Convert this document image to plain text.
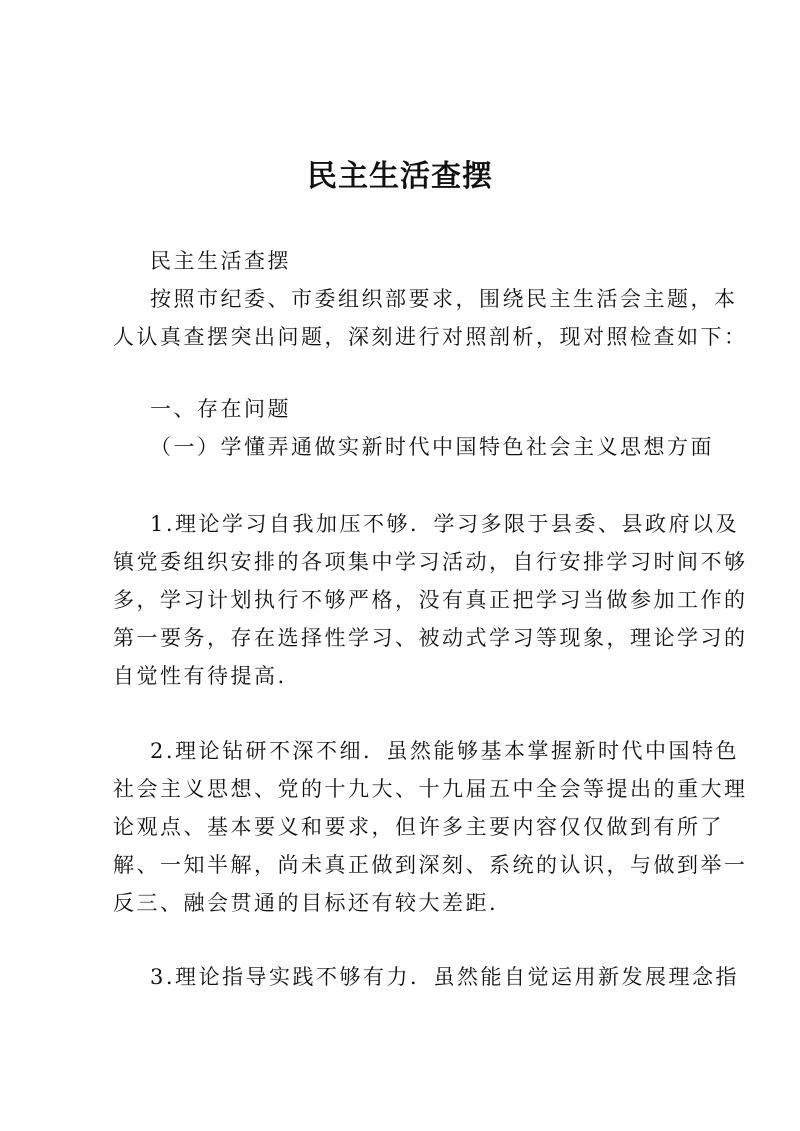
民主生活查摆
民主生活查摆
按照市纪委、市委组织部要求，围绕民主生活会主题，本
人认真查摆突出问题，深刻进行对照剖析，现对照检查如下：
一、存在问题
（一）学懂弄通做实新时代中国特色社会主义思想方面
1.理论学习自我加压不够．学习多限于县委、县政府以及
镇党委组织安排的各项集中学习活动，自行安排学习时间不够
多，学习计划执行不够严格，没有真正把学习当做参加工作的
第一要务，存在选择性学习、被动式学习等现象，理论学习的
自觉性有待提高.
2.理论钻研不深不细．虽然能够基本掌握新时代中国特色
社会主义思想、党的十九大、十九届五中全会等提出的重大理
论观点、基本要义和要求，但许多主要内容仅仅做到有所了
解、一知半解，尚未真正做到深刻、系统的认识，与做到举一
反三、融会贯通的目标还有较大差距.
3.理论指导实践不够有力．虽然能自觉运用新发展理念指
